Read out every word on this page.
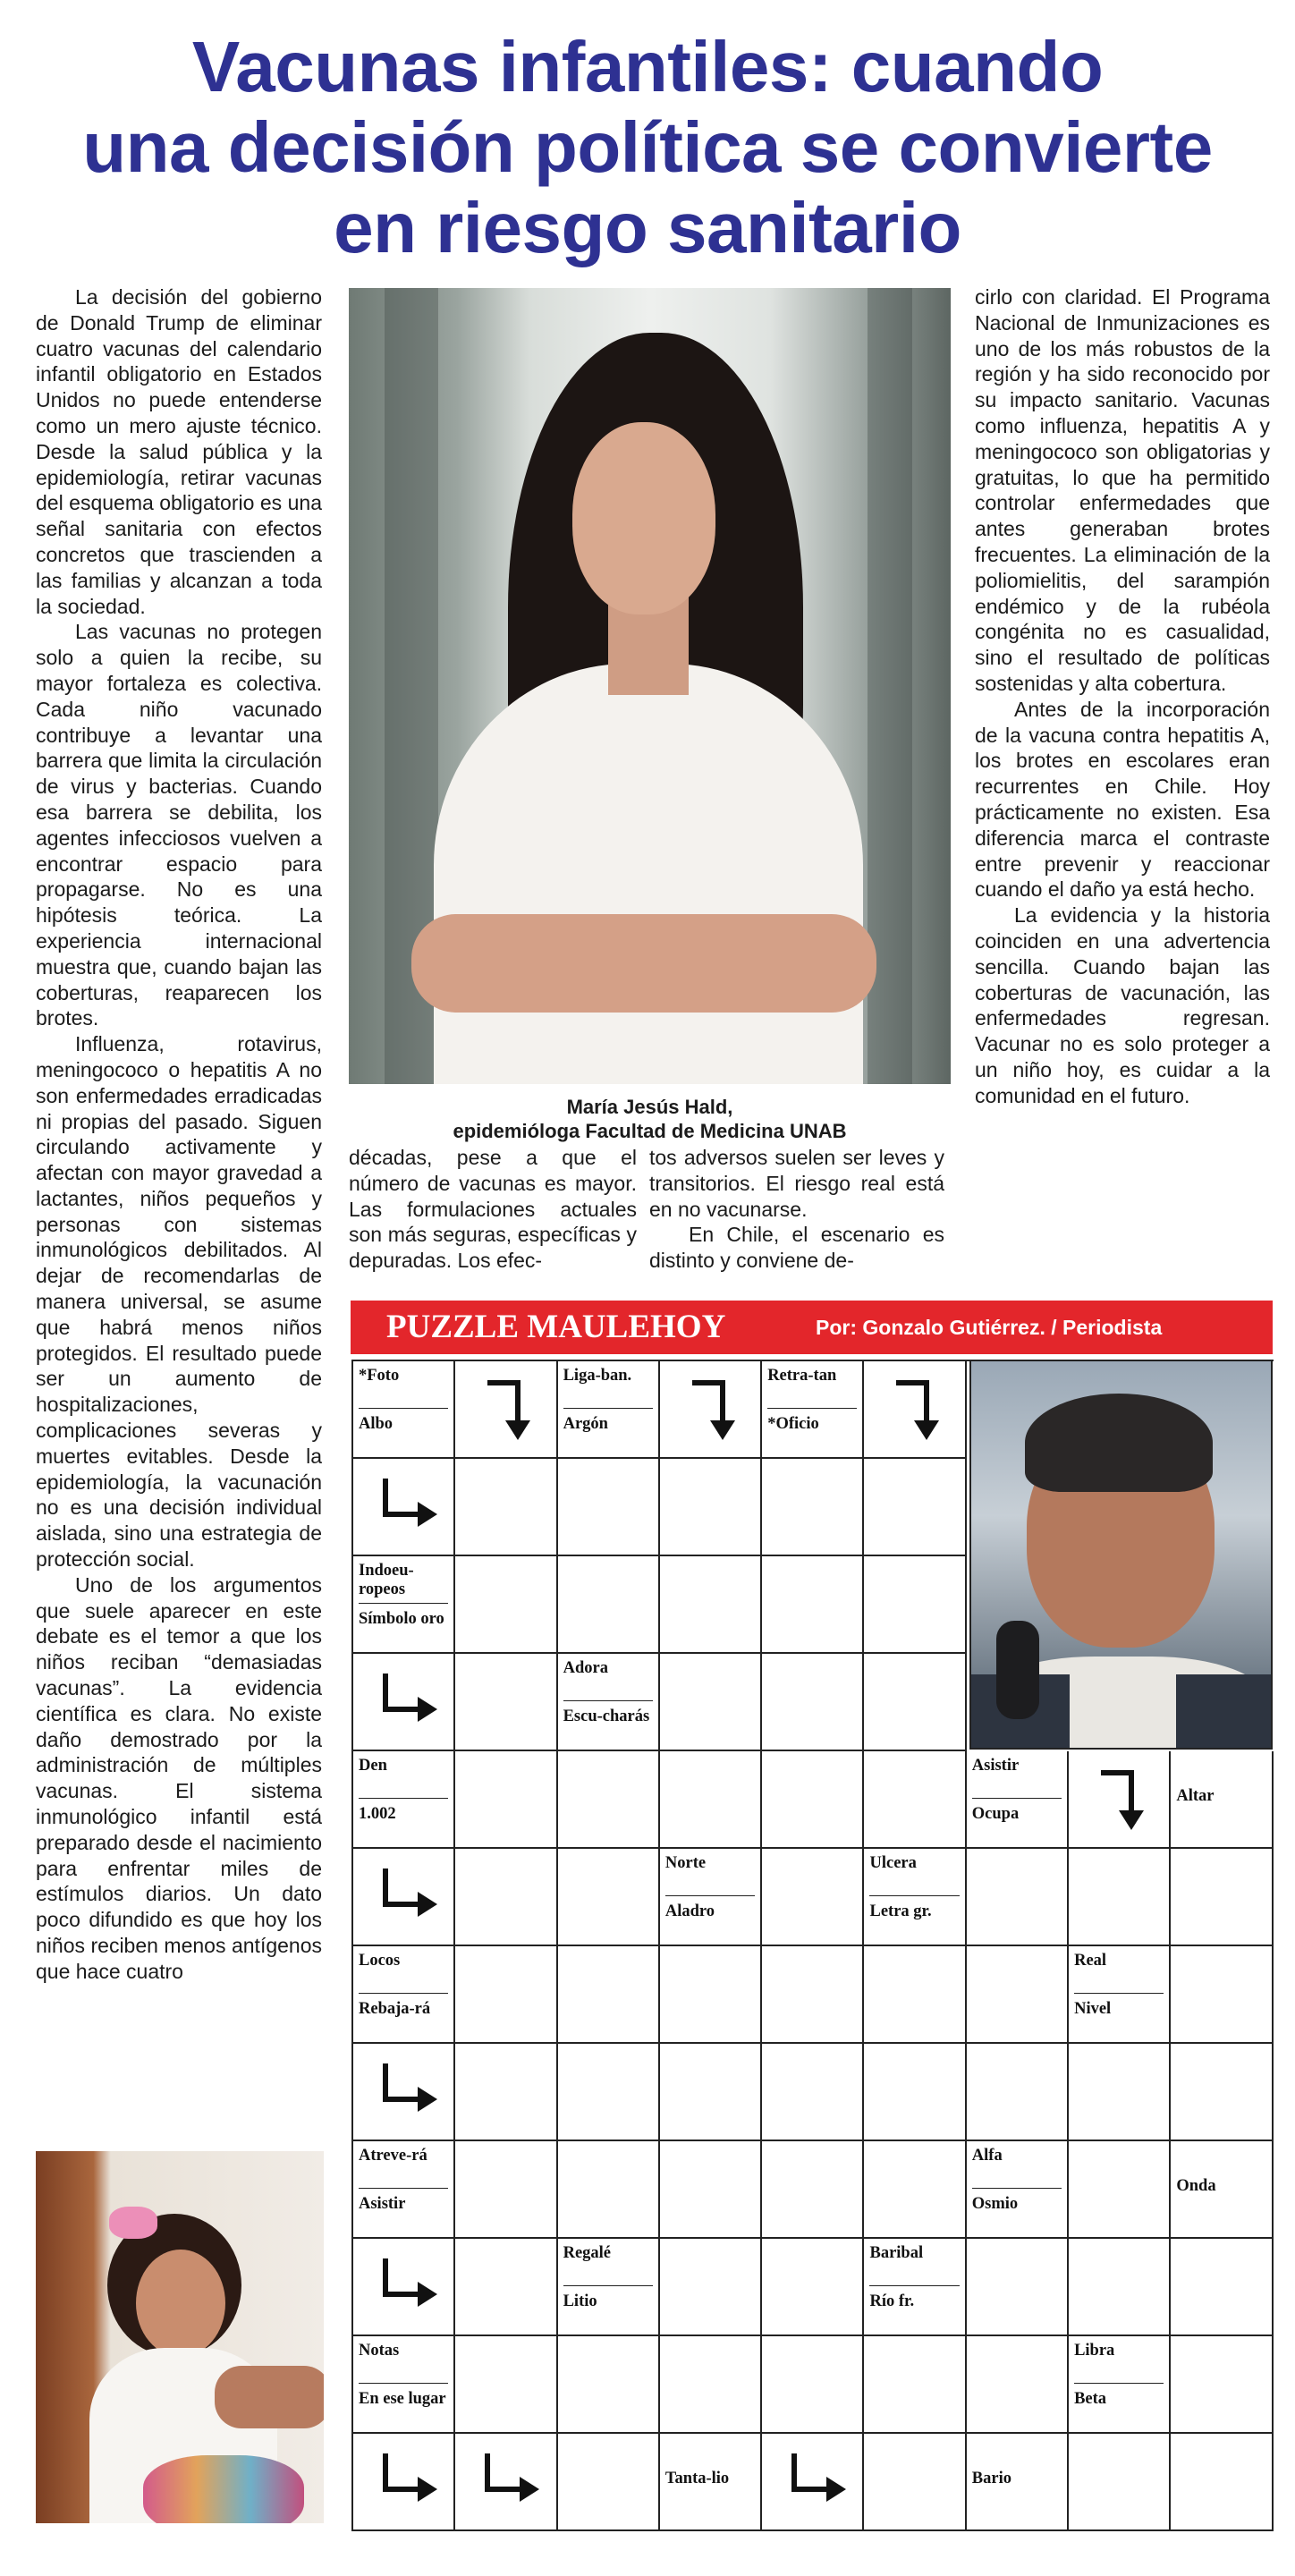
Vacunas infantiles: cuando
una decisión política se convierte
en riesgo sanitario

La decisión del gobierno de Donald Trump de eliminar cuatro vacunas del calendario infantil obligatorio en Estados Unidos no puede entenderse como un mero ajuste técnico. Desde la salud pública y la epidemiología, retirar vacunas del esquema obligatorio es una señal sanitaria con efectos concretos que trascienden a las familias y alcanzan a toda la sociedad.

Las vacunas no protegen solo a quien la recibe, su mayor fortaleza es colectiva. Cada niño vacunado contribuye a levantar una barrera que limita la circulación de virus y bacterias. Cuando esa barrera se debilita, los agentes infecciosos vuelven a encontrar espacio para propagarse. No es una hipótesis teórica. La experiencia internacional muestra que, cuando bajan las coberturas, reaparecen los brotes.

Influenza, rotavirus, meningococo o hepatitis A no son enfermedades erradicadas ni propias del pasado. Siguen circulando activamente y afectan con mayor gravedad a lactantes, niños pequeños y personas con sistemas inmunológicos debilitados. Al dejar de recomendarlas de manera universal, se asume que habrá menos niños protegidos. El resultado puede ser un aumento de hospitalizaciones, complicaciones severas y muertes evitables. Desde la epidemiología, la vacunación no es una decisión individual aislada, sino una estrategia de protección social.

Uno de los argumentos que suele aparecer en este debate es el temor a que los niños reciban “demasiadas vacunas”. La evidencia científica es clara. No existe daño demostrado por la administración de múltiples vacunas. El sistema inmunológico infantil está preparado desde el nacimiento para enfrentar miles de estímulos diarios. Un dato poco difundido es que hoy los niños reciben menos antígenos que hace cuatro

María Jesús Hald,
epidemióloga Facultad de Medicina UNAB

décadas, pese a que el número de vacunas es mayor. Las formulaciones actuales son más seguras, específicas y depuradas. Los efec-

tos adversos suelen ser leves y transitorios. El riesgo real está en no vacunarse.

En Chile, el escenario es distinto y conviene de-

cirlo con claridad. El Programa Nacional de Inmunizaciones es uno de los más robustos de la región y ha sido reconocido por su impacto sanitario. Vacunas como influenza, hepatitis A y meningococo son obligatorias y gratuitas, lo que ha permitido controlar enfermedades que antes generaban brotes frecuentes. La eliminación de la poliomielitis, del sarampión endémico y de la rubéola congénita no es casualidad, sino el resultado de políticas sostenidas y alta cobertura.

Antes de la incorporación de la vacuna contra hepatitis A, los brotes en escolares eran recurrentes en Chile. Hoy prácticamente no existen. Esa diferencia marca el contraste entre prevenir y reaccionar cuando el daño ya está hecho.

La evidencia y la historia coinciden en una advertencia sencilla. Cuando bajan las coberturas de vacunación, las enfermedades regresan. Vacunar no es solo proteger a un niño hoy, es cuidar a la comunidad en el futuro.

PUZZLE MAULEHOY	Por: Gonzalo Gutiérrez. / Periodista
*Foto
Albo
Liga-ban.
Argón
Retra-tan
*Oficio
Indoeu-ropeos
Símbolo oro
Adora
Escu-charás
Den
1.002
Asistir
Ocupa
Altar
Norte
Aladro
Ulcera
Letra gr.
Locos
Rebaja-rá
Real
Nivel
Atreve-rá
Asistir
Alfa
Osmio
Onda
Regalé
Litio
Baribal
Río fr.
Notas
En ese lugar
Libra
Beta
Tanta-lio	Bario
